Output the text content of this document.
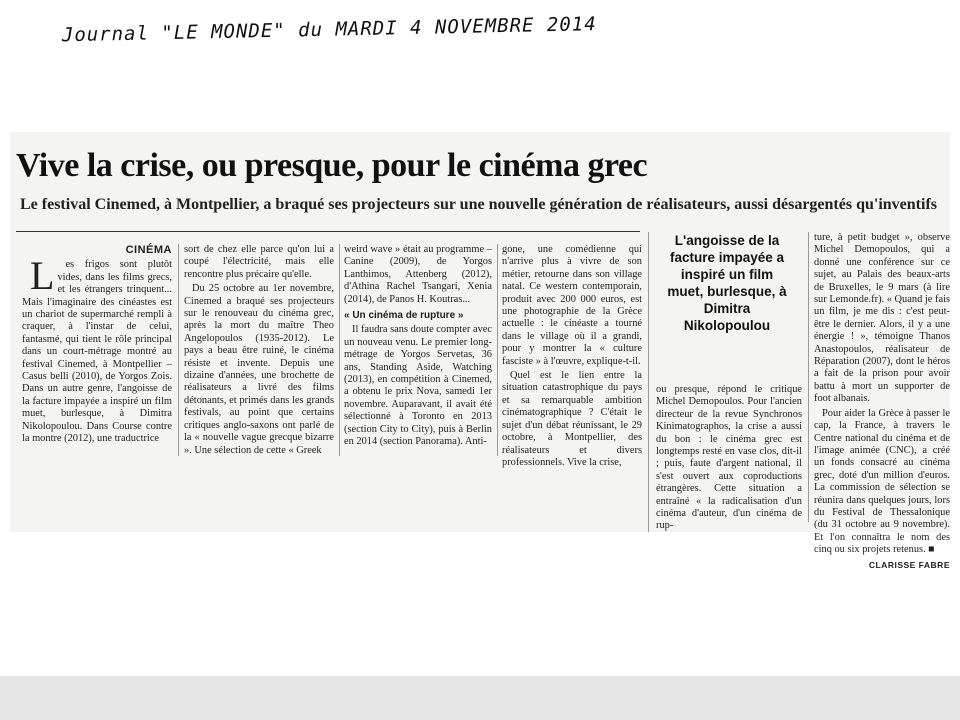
Journal "LE MONDE" du MARDI 4 NOVEMBRE 2014
Vive la crise, ou presque, pour le cinéma grec
Le festival Cinemed, à Montpellier, a braqué ses projecteurs sur une nouvelle génération de réalisateurs, aussi désargentés qu'inventifs
CINÉMA

L es frigos sont plutôt vides, dans les films grecs, et les étrangers trinquent... Mais l'imaginaire des cinéastes est un chariot de supermarché rempli à craquer, à l'instar de celui, fantasmé, qui tient le rôle principal dans un court-métrage montré au festival Cinemed, à Montpellier – Casus belli (2010), de Yorgos Zois. Dans un autre genre, l'angoisse de la facture impayée a inspiré un film muet, burlesque, à Dimitra Nikolopoulou. Dans Course contre la montre (2012), une traductrice

sort de chez elle parce qu'on lui a coupé l'électricité, mais elle rencontre plus précaire qu'elle.

Du 25 octobre au 1er novembre, Cinemed a braqué ses projecteurs sur le renouveau du cinéma grec, après la mort du maître Theo Angelopoulos (1935-2012). Le pays a beau être ruiné, le cinéma résiste et invente. Depuis une dizaine d'années, une brochette de réalisateurs a livré des films détonants, et primés dans les grands festivals, au point que certains critiques anglo-saxons ont parlé de la « nouvelle vague grecque bizarre ». Une sélection de cette « Greek

weird wave » était au programme – Canine (2009), de Yorgos Lanthimos, Attenberg (2012), d'Athina Rachel Tsangari, Xenia (2014), de Panos H. Koutras...

« Un cinéma de rupture »

Il faudra sans doute compter avec un nouveau venu. Le premier long-métrage de Yorgos Servetas, 36 ans, Standing Aside, Watching (2013), en compétition à Cinemed, a obtenu le prix Nova, samedi 1er novembre. Auparavant, il avait été sélectionné à Toronto en 2013 (section City to City), puis à Berlin en 2014 (section Panorama). Anti-

gone, une comédienne qui n'arrive plus à vivre de son métier, retourne dans son village natal. Ce western contemporain, produit avec 200 000 euros, est une photographie de la Grèce actuelle : le cinéaste a tourné dans le village où il a grandi, pour y montrer la « culture fasciste » à l'œuvre, explique-t-il.

Quel est le lien entre la situation catastrophique du pays et sa remarquable ambition cinématographique ? C'était le sujet d'un débat réunissant, le 29 octobre, à Montpellier, des réalisateurs et divers professionnels. Vive la crise,

L'angoisse de la facture impayée a inspiré un film muet, burlesque, à Dimitra Nikolopoulou

ou presque, répond le critique Michel Demopoulos. Pour l'ancien directeur de la revue Synchronos Kinimatographos, la crise a aussi du bon : le cinéma grec est longtemps resté en vase clos, dit-il ; puis, faute d'argent national, il s'est ouvert aux coproductions étrangères. Cette situation a entraîné « la radicalisation d'un cinéma d'auteur, d'un cinéma de rup-

ture, à petit budget », observe Michel Demopoulos, qui a donné une conférence sur ce sujet, au Palais des beaux-arts de Bruxelles, le 9 mars (à lire sur Lemonde.fr). « Quand je fais un film, je me dis : c'est peut-être le dernier. Alors, il y a une énergie ! », témoigne Thanos Anastopoulos, réalisateur de Réparation (2007), dont le héros a fait de la prison pour avoir battu à mort un supporter de foot albanais.

Pour aider la Grèce à passer le cap, la France, à travers le Centre national du cinéma et de l'image animée (CNC), a créé un fonds consacré au cinéma grec, doté d'un million d'euros. La commission de sélection se réunira dans quelques jours, lors du Festival de Thessalonique (du 31 octobre au 9 novembre). Et l'on connaîtra le nom des cinq ou six projets retenus. ■

CLARISSE FABRE
